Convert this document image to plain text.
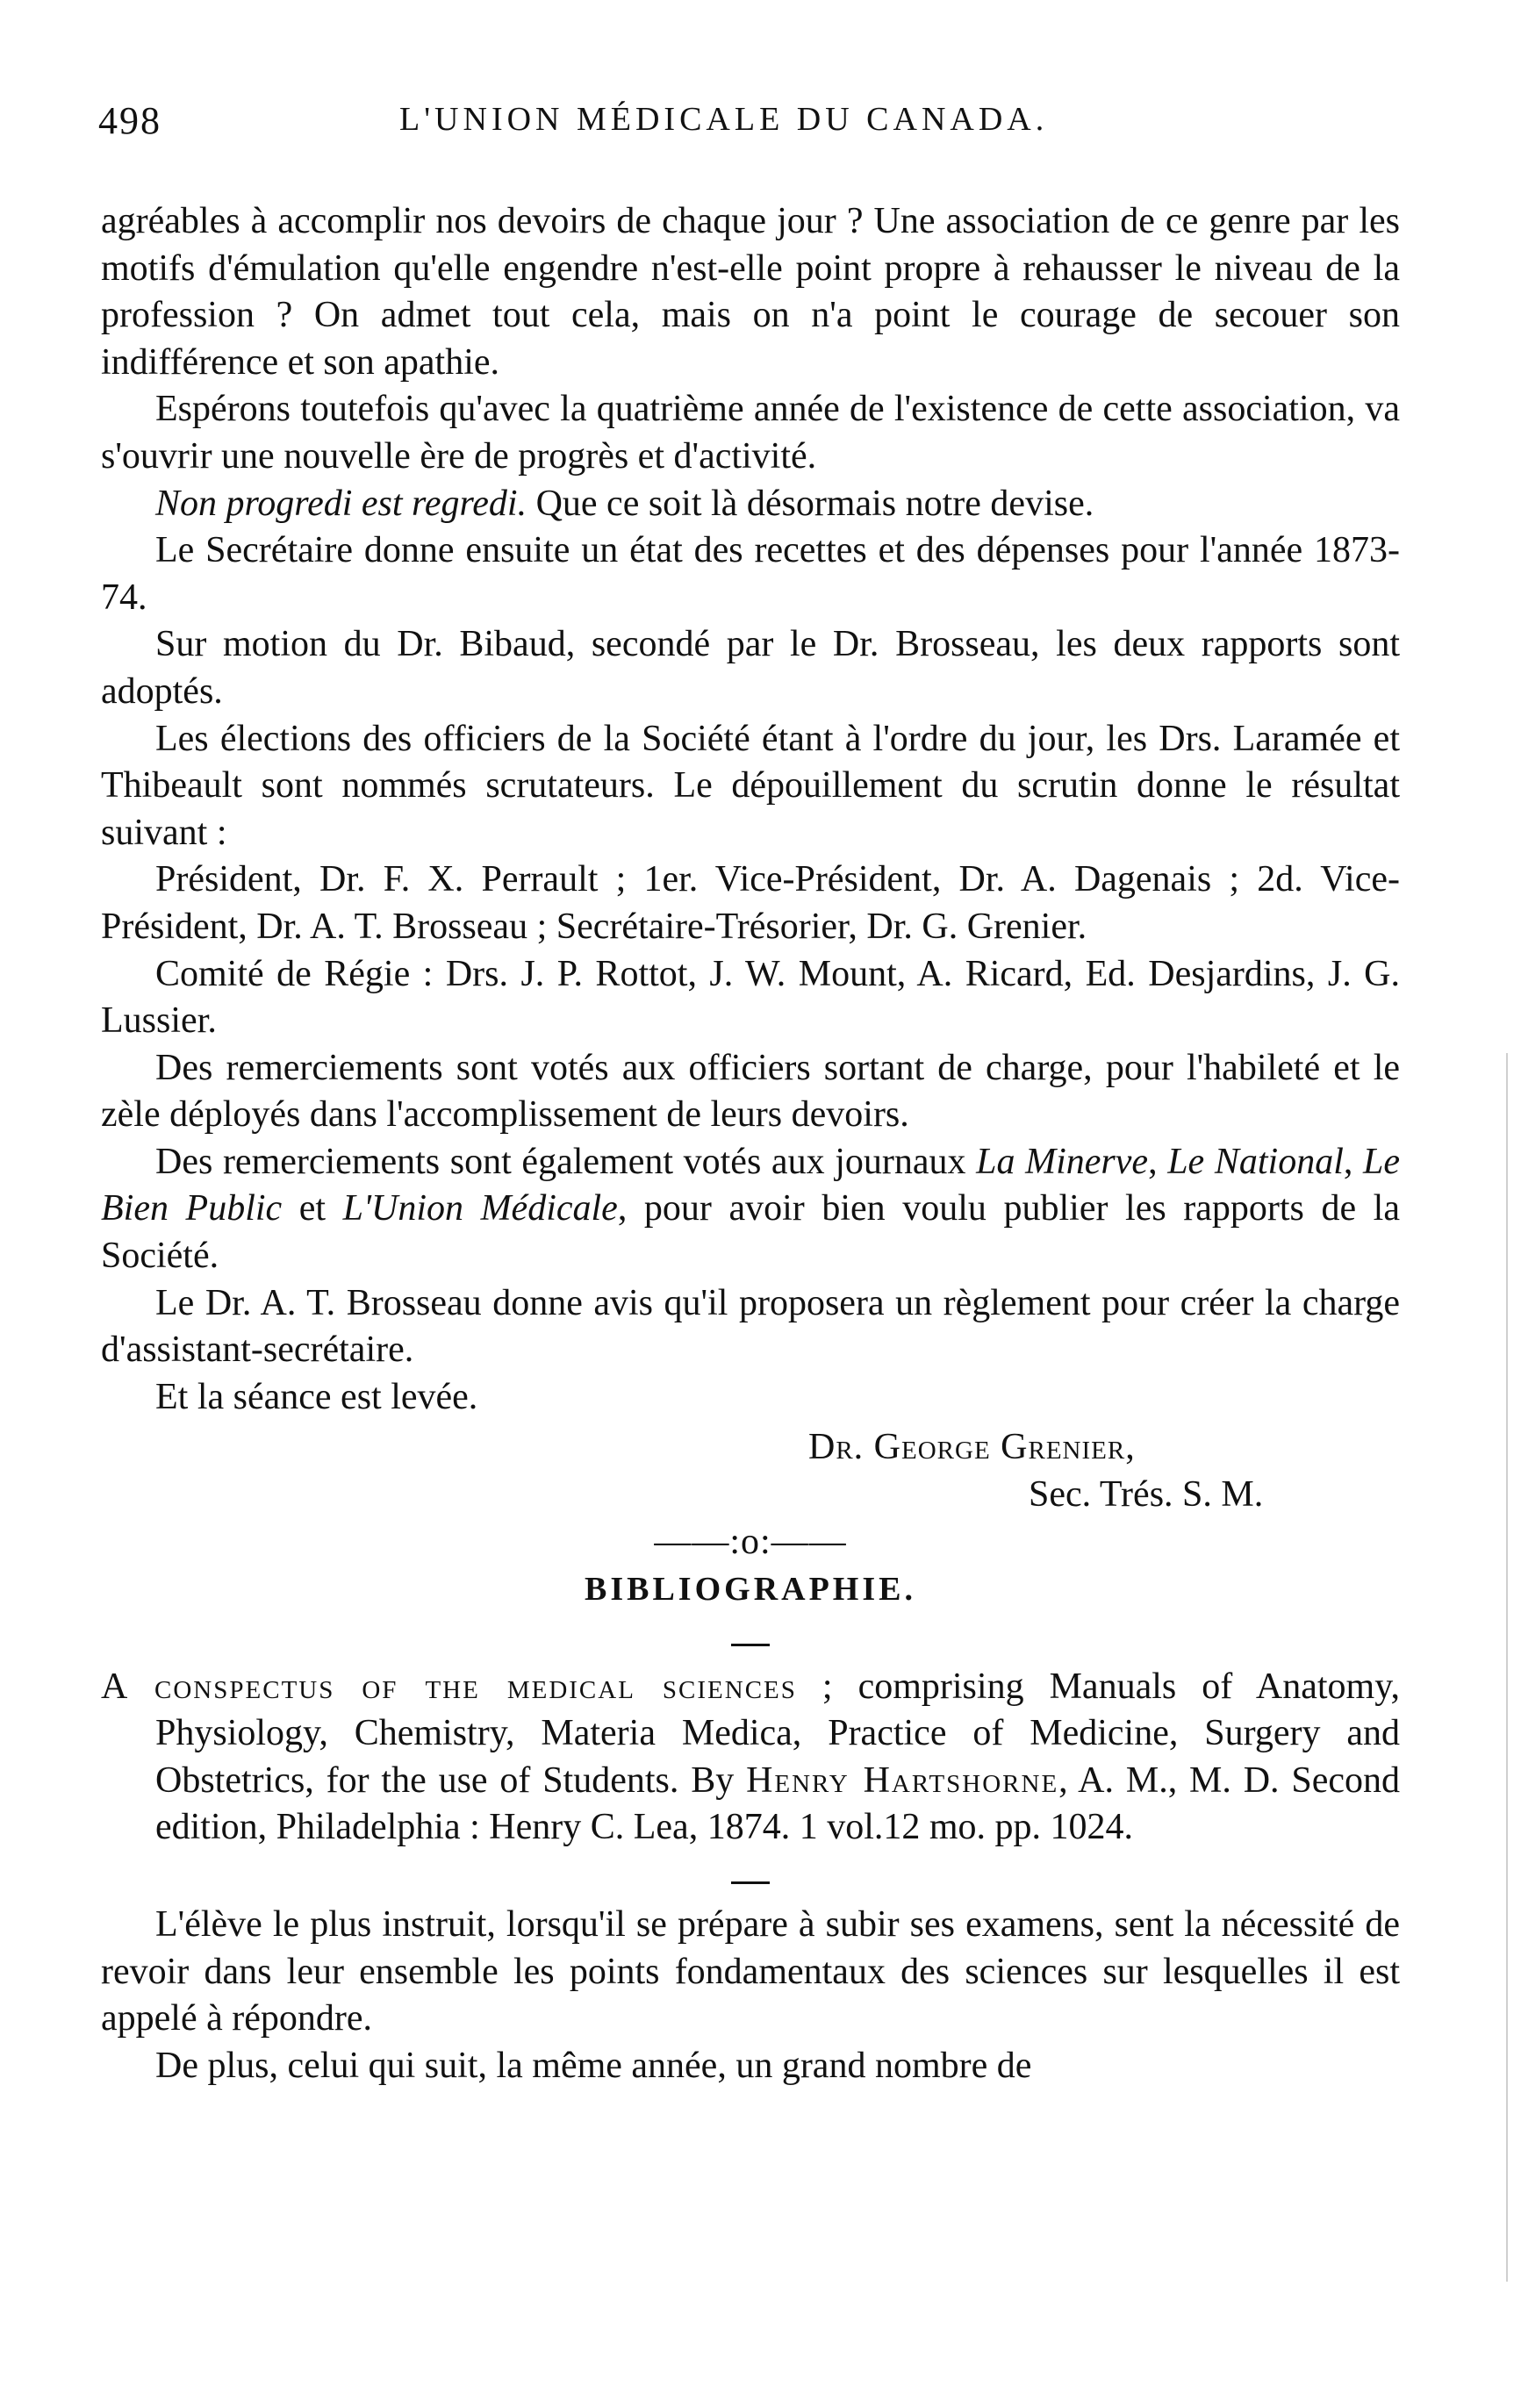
498	L'UNION MÉDICALE DU CANADA.

agréables à accomplir nos devoirs de chaque jour ? Une association de ce genre par les motifs d'émulation qu'elle engendre n'est-elle point propre à rehausser le niveau de la profession ? On admet tout cela, mais on n'a point le courage de secouer son indifférence et son apathie.

Espérons toutefois qu'avec la quatrième année de l'existence de cette association, va s'ouvrir une nouvelle ère de progrès et d'activité.

Non progredi est regredi. Que ce soit là désormais notre devise.

Le Secrétaire donne ensuite un état des recettes et des dépenses pour l'année 1873-74.

Sur motion du Dr. Bibaud, secondé par le Dr. Brosseau, les deux rapports sont adoptés.

Les élections des officiers de la Société étant à l'ordre du jour, les Drs. Laramée et Thibeault sont nommés scrutateurs. Le dépouillement du scrutin donne le résultat suivant :

Président, Dr. F. X. Perrault ; 1er. Vice-Président, Dr. A. Dagenais ; 2d. Vice-Président, Dr. A. T. Brosseau ; Secrétaire-Trésorier, Dr. G. Grenier.

Comité de Régie : Drs. J. P. Rottot, J. W. Mount, A. Ricard, Ed. Desjardins, J. G. Lussier.

Des remerciements sont votés aux officiers sortant de charge, pour l'habileté et le zèle déployés dans l'accomplissement de leurs devoirs.

Des remerciements sont également votés aux journaux La Minerve, Le National, Le Bien Public et L'Union Médicale, pour avoir bien voulu publier les rapports de la Société.

Le Dr. A. T. Brosseau donne avis qu'il proposera un règlement pour créer la charge d'assistant-secrétaire.

Et la séance est levée.

Dr. George Grenier,
Sec. Trés. S. M.

——:o:——

BIBLIOGRAPHIE.

A conspectus of the medical sciences ; comprising Manuals of Anatomy, Physiology, Chemistry, Materia Medica, Practice of Medicine, Surgery and Obstetrics, for the use of Students. By Henry Hartshorne, A. M., M. D. Second edition, Philadelphia : Henry C. Lea, 1874. 1 vol.12 mo. pp. 1024.

L'élève le plus instruit, lorsqu'il se prépare à subir ses examens, sent la nécessité de revoir dans leur ensemble les points fondamentaux des sciences sur lesquelles il est appelé à répondre.

De plus, celui qui suit, la même année, un grand nombre de
